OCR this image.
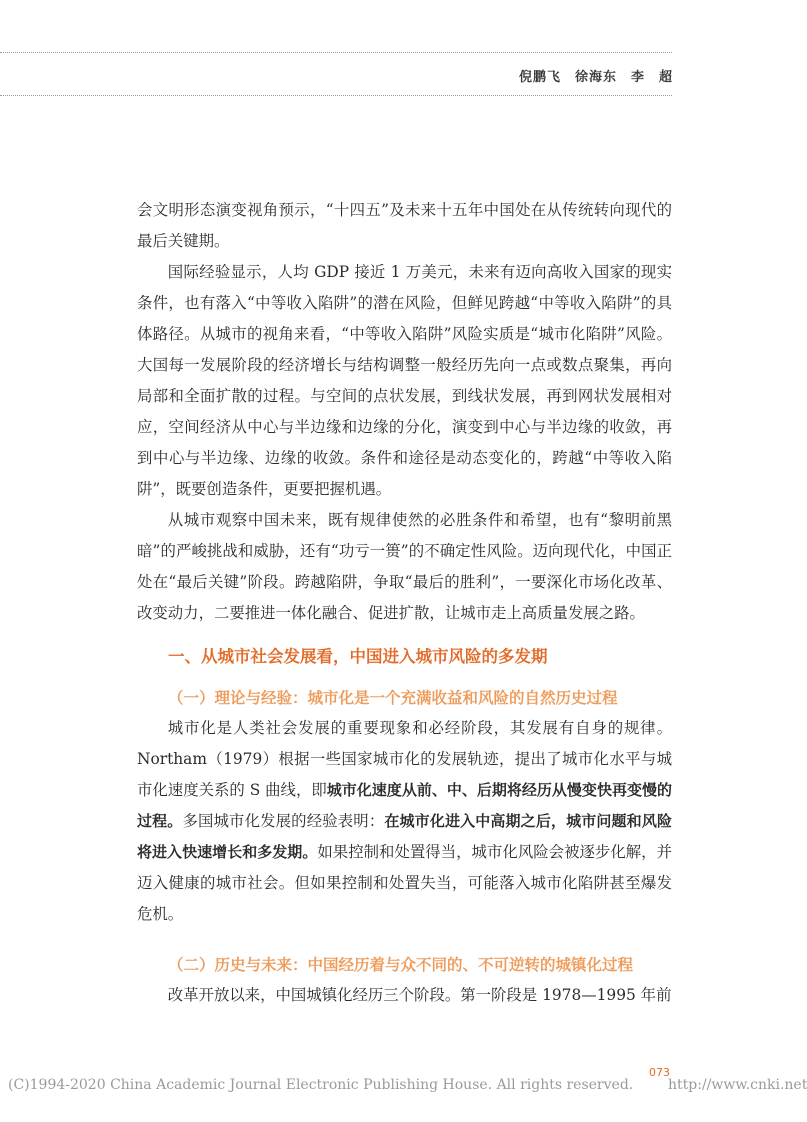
倪鹏飞　徐海东　李　超

会文明形态演变视角预示，“十四五”及未来十五年中国处在从传统转向现代的最后关键期。

国际经验显示，人均 GDP 接近 1 万美元，未来有迈向高收入国家的现实条件，也有落入“中等收入陷阱”的潜在风险，但鲜见跨越“中等收入陷阱”的具体路径。从城市的视角来看，“中等收入陷阱”风险实质是“城市化陷阱”风险。大国每一发展阶段的经济增长与结构调整一般经历先向一点或数点聚集，再向局部和全面扩散的过程。与空间的点状发展，到线状发展，再到网状发展相对应，空间经济从中心与半边缘和边缘的分化，演变到中心与半边缘的收敛，再到中心与半边缘、边缘的收敛。条件和途径是动态变化的，跨越“中等收入陷阱”，既要创造条件，更要把握机遇。

从城市观察中国未来，既有规律使然的必胜条件和希望，也有“黎明前黑暗”的严峻挑战和威胁，还有“功亏一篑”的不确定性风险。迈向现代化，中国正处在“最后关键”阶段。跨越陷阱，争取“最后的胜利”，一要深化市场化改革、改变动力，二要推进一体化融合、促进扩散，让城市走上高质量发展之路。

一、从城市社会发展看，中国进入城市风险的多发期
（一）理论与经验：城市化是一个充满收益和风险的自然历史过程

城市化是人类社会发展的重要现象和必经阶段，其发展有自身的规律。Northam（1979）根据一些国家城市化的发展轨迹，提出了城市化水平与城市化速度关系的 S 曲线，即城市化速度从前、中、后期将经历从慢变快再变慢的过程。多国城市化发展的经验表明：在城市化进入中高期之后，城市问题和风险将进入快速增长和多发期。如果控制和处置得当，城市化风险会被逐步化解，并迈入健康的城市社会。但如果控制和处置失当，可能落入城市化陷阱甚至爆发危机。

（二）历史与未来：中国经历着与众不同的、不可逆转的城镇化过程

改革开放以来，中国城镇化经历三个阶段。第一阶段是 1978—1995 年前

073
(C)1994-2020 China Academic Journal Electronic Publishing House. All rights reserved. http://www.cnki.net
